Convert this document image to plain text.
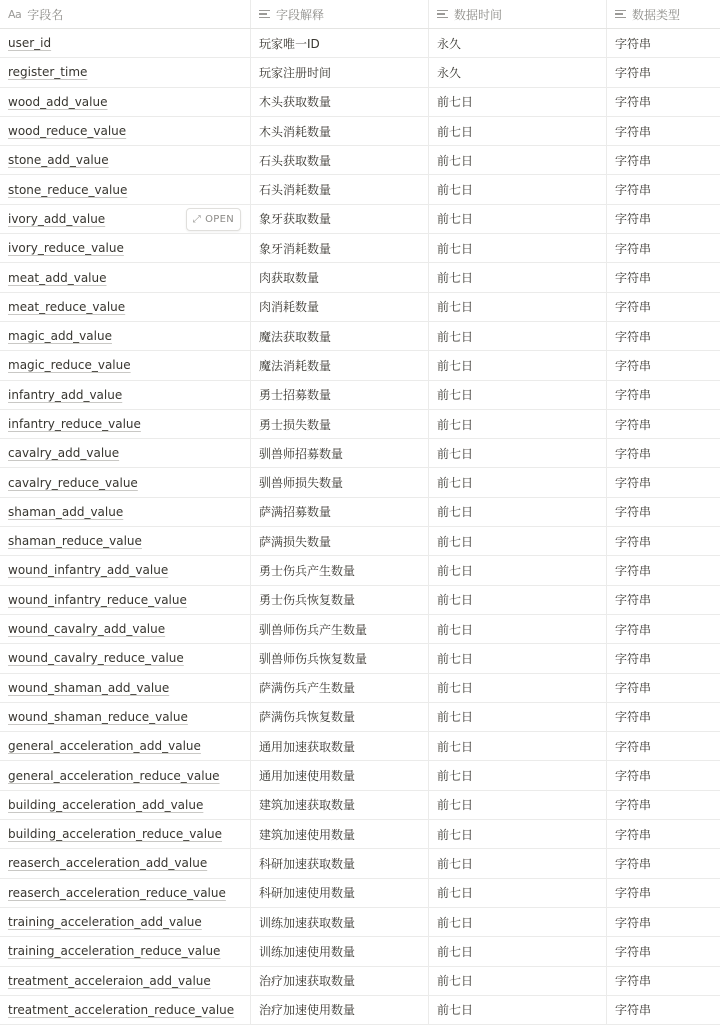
Aa 字段名	字段解释	数据时间	数据类型
user_id	玩家唯一ID	永久	字符串
register_time	玩家注册时间	永久	字符串
wood_add_value	木头获取数量	前七日	字符串
wood_reduce_value	木头消耗数量	前七日	字符串
stone_add_value	石头获取数量	前七日	字符串
stone_reduce_value	石头消耗数量	前七日	字符串
ivory_add_value	⤢ OPEN 象牙获取数量	前七日	字符串
ivory_reduce_value	象牙消耗数量	前七日	字符串
meat_add_value	肉获取数量	前七日	字符串
meat_reduce_value	肉消耗数量	前七日	字符串
magic_add_value	魔法获取数量	前七日	字符串
magic_reduce_value	魔法消耗数量	前七日	字符串
infantry_add_value	勇士招募数量	前七日	字符串
infantry_reduce_value	勇士损失数量	前七日	字符串
cavalry_add_value	驯兽师招募数量	前七日	字符串
cavalry_reduce_value	驯兽师损失数量	前七日	字符串
shaman_add_value	萨满招募数量	前七日	字符串
shaman_reduce_value	萨满损失数量	前七日	字符串
wound_infantry_add_value	勇士伤兵产生数量	前七日	字符串
wound_infantry_reduce_value	勇士伤兵恢复数量	前七日	字符串
wound_cavalry_add_value	驯兽师伤兵产生数量	前七日	字符串
wound_cavalry_reduce_value	驯兽师伤兵恢复数量	前七日	字符串
wound_shaman_add_value	萨满伤兵产生数量	前七日	字符串
wound_shaman_reduce_value	萨满伤兵恢复数量	前七日	字符串
general_acceleration_add_value	通用加速获取数量	前七日	字符串
general_acceleration_reduce_value	通用加速使用数量	前七日	字符串
building_acceleration_add_value	建筑加速获取数量	前七日	字符串
building_acceleration_reduce_value	建筑加速使用数量	前七日	字符串
reaserch_acceleration_add_value	科研加速获取数量	前七日	字符串
reaserch_acceleration_reduce_value	科研加速使用数量	前七日	字符串
training_acceleration_add_value	训练加速获取数量	前七日	字符串
training_acceleration_reduce_value	训练加速使用数量	前七日	字符串
treatment_acceleraion_add_value	治疗加速获取数量	前七日	字符串
treatment_acceleration_reduce_value 治疗加速使用数量	前七日	字符串
